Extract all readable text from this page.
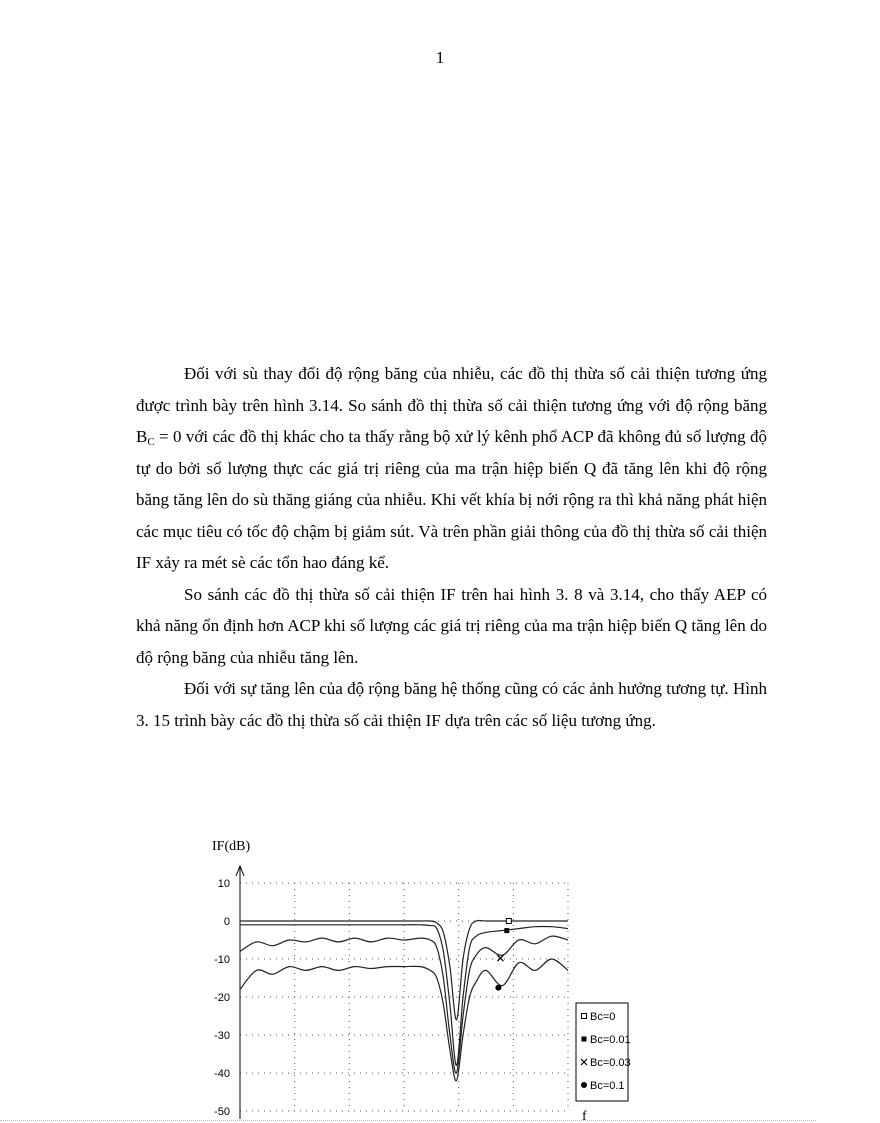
1

Đối với sù thay đổi độ rộng băng của nhiễu, các đồ thị thừa số cải thiện tương ứng được trình bày trên hình 3.14. So sánh đồ thị thừa số cải thiện tương ứng với độ rộng băng $B_C = 0$ với các đồ thị khác cho ta thấy rằng bộ xử lý kênh phổ ACP đã không đủ số lượng độ tự do bởi số lượng thực các giá trị riêng của ma trận hiệp biến Q đã tăng lên khi độ rộng băng tăng lên do sù thăng giáng của nhiễu. Khi vết khía bị nới rộng ra thì khả năng phát hiện các mục tiêu có tốc độ chậm bị giảm sút. Và trên phần giải thông của đồ thị thừa số cải thiện IF xảy ra mét sè các tổn hao đáng kể.

So sánh các đồ thị thừa số cải thiện IF trên hai hình 3. 8 và 3.14, cho thấy AEP có khả năng ổn định hơn ACP khi số lượng các giá trị riêng của ma trận hiệp biến Q tăng lên do độ rộng băng của nhiễu tăng lên.

Đối với sự tăng lên của độ rộng băng hệ thống cũng có các ảnh hưởng tương tự. Hình 3. 15 trình bày các đồ thị thừa số cải thiện IF dựa trên các số liệu tương ứng.

IF(dB)
10
0
-10
-20
-30
-40
-50
Bc=0
Bc=0.01
Bc=0.03
Bc=0.1
f
